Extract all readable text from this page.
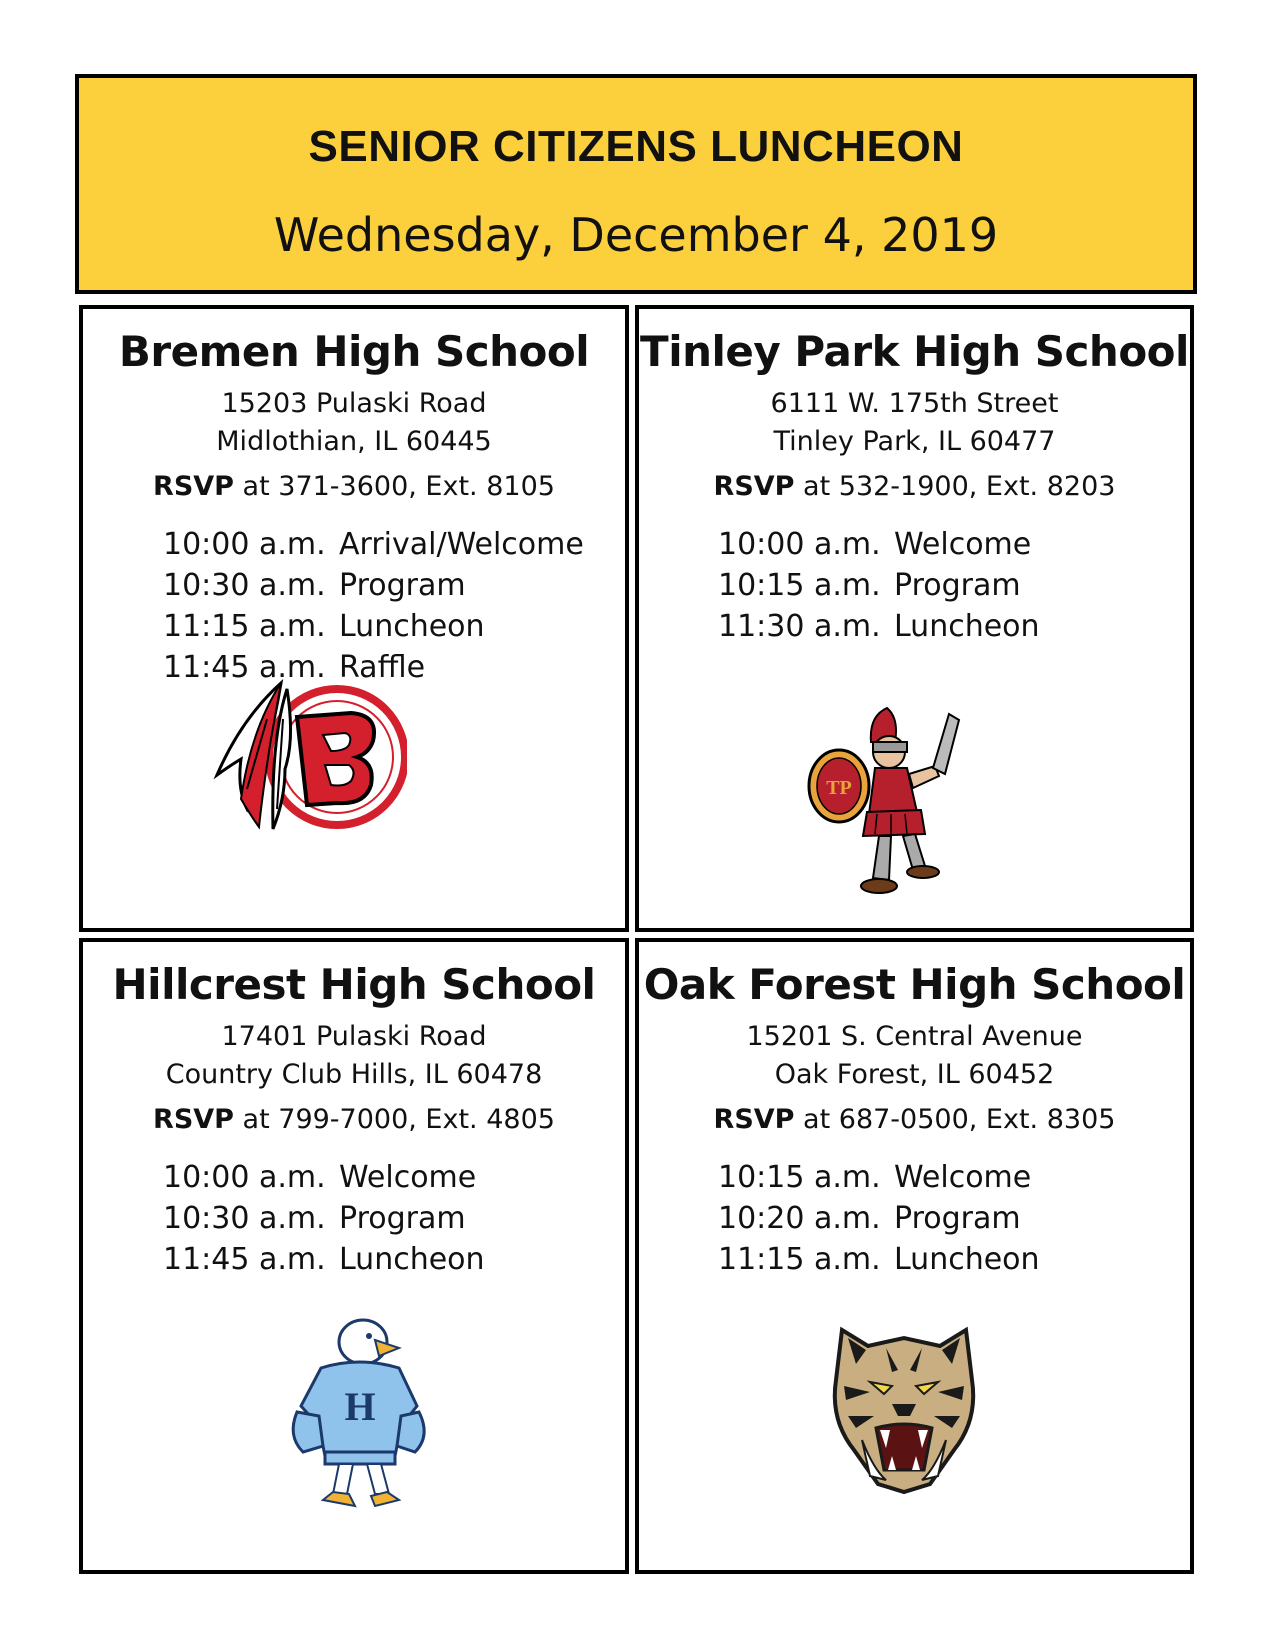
SENIOR CITIZENS LUNCHEON
Wednesday, December 4, 2019
Bremen High School
15203 Pulaski Road
Midlothian, IL 60445
RSVP at 371-3600, Ext. 8105
10:00 a.m. Arrival/Welcome
10:30 a.m. Program
11:15 a.m. Luncheon
11:45 a.m. Raffle
Tinley Park High School
6111 W. 175th Street
Tinley Park, IL 60477
RSVP at 532-1900, Ext. 8203
10:00 a.m. Welcome
10:15 a.m. Program
11:30 a.m. Luncheon
TP
Hillcrest High School
17401 Pulaski Road
Country Club Hills, IL 60478
RSVP at 799-7000, Ext. 4805
10:00 a.m. Welcome
10:30 a.m. Program
11:45 a.m. Luncheon
H
Oak Forest High School
15201 S. Central Avenue
Oak Forest, IL 60452
RSVP at 687-0500, Ext. 8305
10:15 a.m. Welcome
10:20 a.m. Program
11:15 a.m. Luncheon
